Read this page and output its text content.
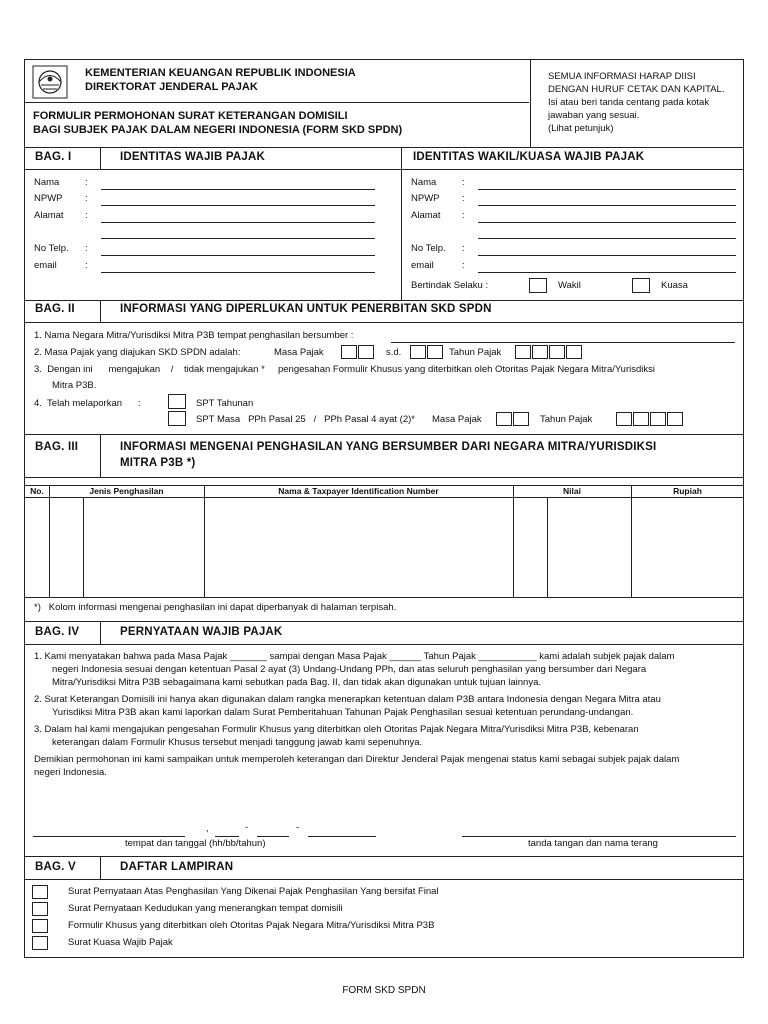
KEMENTERIAN KEUANGAN REPUBLIK INDONESIA
DIREKTORAT JENDERAL PAJAK
FORMULIR PERMOHONAN SURAT KETERANGAN DOMISILI
BAGI SUBJEK PAJAK DALAM NEGERI INDONESIA (FORM SKD SPDN)
SEMUA INFORMASI HARAP DIISI
DENGAN HURUF CETAK DAN KAPITAL.
Isi atau beri tanda centang pada kotak
jawaban yang sesuai.
(Lihat petunjuk)
BAG. I	IDENTITAS WAJIB PAJAK	IDENTITAS WAKIL/KUASA WAJIB PAJAK
Nama	:
NPWP :
Alamat :
No Telp. :
email	:
Nama	:
NPWP :
Alamat :
No Telp. :
email	:
Bertindak Selaku :	Wakil	Kuasa
BAG. II	INFORMASI YANG DIPERLUKAN UNTUK PENERBITAN SKD SPDN
1. Nama Negara Mitra/Yurisdiksi Mitra P3B tempat penghasilan bersumber :
2. Masa Pajak yang diajukan SKD SPDN adalah:	Masa Pajak	s.d.	Tahun Pajak
3.  Dengan ini      mengajukan    /    tidak mengajukan *     pengesahan Formulir Khusus yang diterbitkan oleh Otoritas Pajak Negara Mitra/Yurisdiksi
Mitra P3B.
4.  Telah melaporkan      :	SPT Tahunan
SPT Masa   PPh Pasal 25   /   PPh Pasal 4 ayat (2)* Masa Pajak	Tahun Pajak
BAG. III	INFORMASI MENGENAI PENGHASILAN YANG BERSUMBER DARI NEGARA MITRA/YURISDIKSI
MITRA P3B *)
No.	Jenis Penghasilan	Nama & Taxpayer Identification Number	Nilai	Rupiah
*)   Kolom informasi mengenai penghasilan ini dapat diperbanyak di halaman terpisah.
BAG. IV	PERNYATAAN WAJIB PAJAK
1. Kami menyatakan bahwa pada Masa Pajak _______ sampai dengan Masa Pajak ______ Tahun Pajak ___________ kami adalah subjek pajak dalam
negeri Indonesia sesuai dengan ketentuan Pasal 2 ayat (3) Undang-Undang PPh, dan atas seluruh penghasilan yang bersumber dari Negara
Mitra/Yurisdiksi Mitra P3B sebagaimana kami sebutkan pada Bag. II, dan tidak akan digunakan untuk tujuan lainnya.
2. Surat Keterangan Domisili ini hanya akan digunakan dalam rangka menerapkan ketentuan dalam P3B antara Indonesia dengan Negara Mitra atau
Yurisdiksi Mitra P3B akan kami laporkan dalam Surat Pemberitahuan Tahunan Pajak Penghasilan sesuai ketentuan perundang-undangan.
3. Dalam hal kami mengajukan pengesahan Formulir Khusus yang diterbitkan oleh Otoritas Pajak Negara Mitra/Yurisdiksi Mitra P3B, kebenaran
keterangan dalam Formulir Khusus tersebut menjadi tanggung jawab kami sepenuhnya.
Demikian permohonan ini kami sampaikan untuk memperoleh keterangan dari Direktur Jenderal Pajak mengenai status kami sebagai subjek pajak dalam
negeri Indonesia.
,	-	-
tempat dan tanggal (hh/bb/tahun)	tanda tangan dan nama terang
BAG. V	DAFTAR LAMPIRAN
Surat Pernyataan Atas Penghasilan Yang Dikenai Pajak Penghasilan Yang bersifat Final
Surat Pernyataan Kedudukan yang menerangkan tempat domisili
Formulir Khusus yang diterbitkan oleh Otoritas Pajak Negara Mitra/Yurisdiksi Mitra P3B
Surat Kuasa Wajib Pajak
FORM SKD SPDN
